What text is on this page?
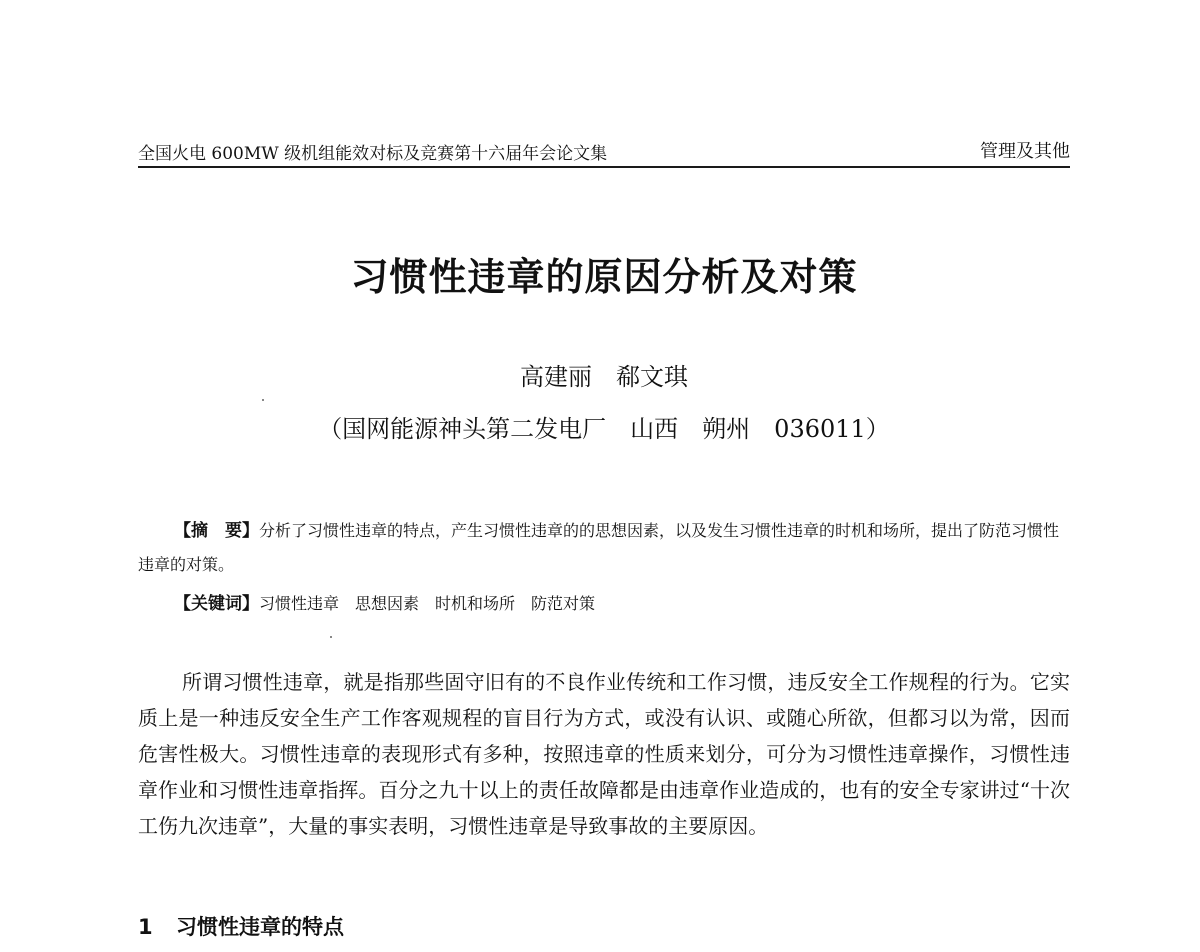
全国火电 600MW 级机组能效对标及竞赛第十六届年会论文集	管理及其他
习惯性违章的原因分析及对策
高建丽　郗文琪
（国网能源神头第二发电厂　山西　朔州　036011）

【摘　要】分析了习惯性违章的特点，产生习惯性违章的的思想因素，以及发生习惯性违章的时机和场所，提出了防范习惯性违章的对策。

【关键词】习惯性违章　思想因素　时机和场所　防范对策

所谓习惯性违章，就是指那些固守旧有的不良作业传统和工作习惯，违反安全工作规程的行为。它实质上是一种违反安全生产工作客观规程的盲目行为方式，或没有认识、或随心所欲，但都习以为常，因而危害性极大。习惯性违章的表现形式有多种，按照违章的性质来划分，可分为习惯性违章操作，习惯性违章作业和习惯性违章指挥。百分之九十以上的责任故障都是由违章作业造成的，也有的安全专家讲过“十次工伤九次违章”，大量的事实表明，习惯性违章是导致事故的主要原因。

1 习惯性违章的特点
